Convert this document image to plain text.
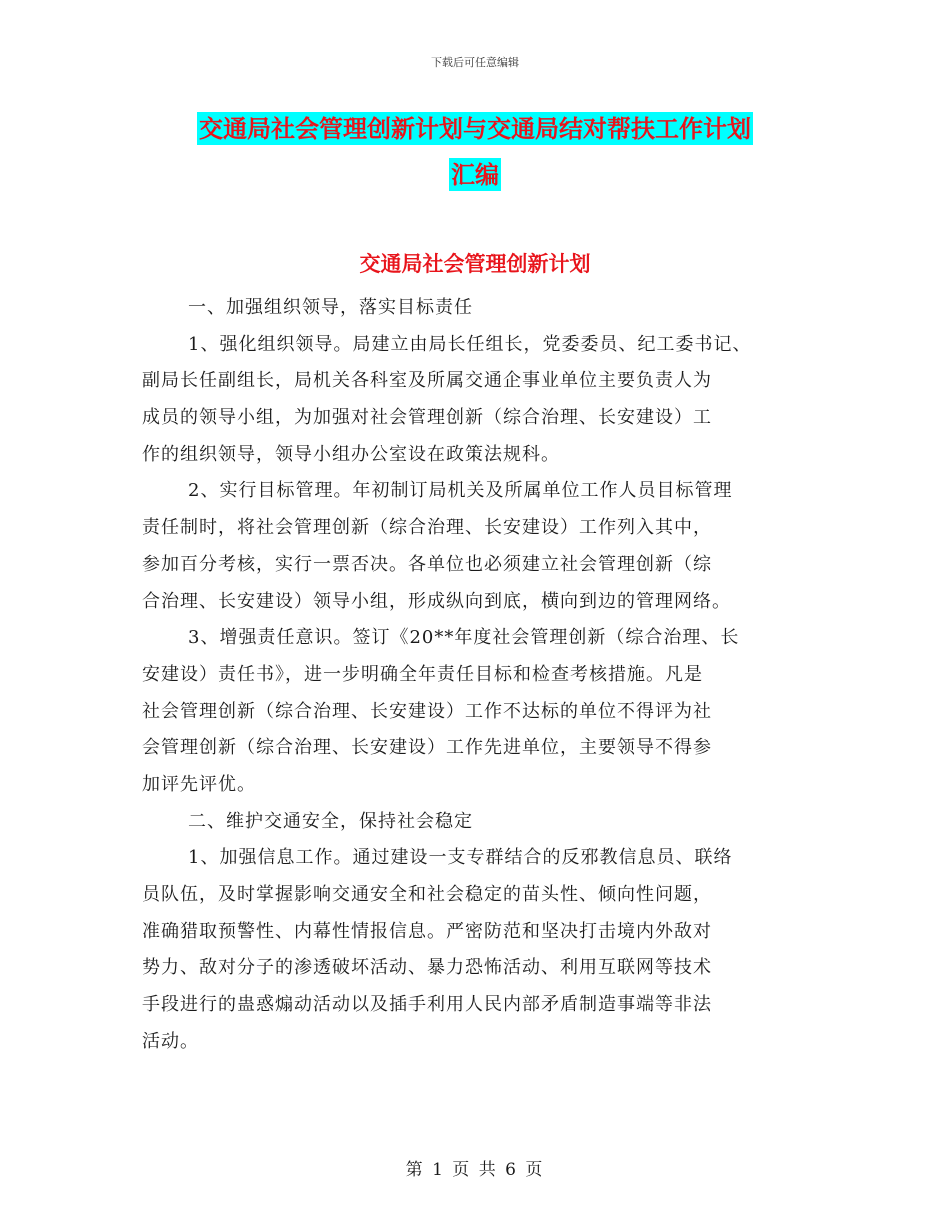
下载后可任意编辑
交通局社会管理创新计划与交通局结对帮扶工作计划
汇编
交通局社会管理创新计划
一、加强组织领导，落实目标责任
1、强化组织领导。局建立由局长任组长，党委委员、纪工委书记、
副局长任副组长，局机关各科室及所属交通企事业单位主要负责人为
成员的领导小组，为加强对社会管理创新（综合治理、长安建设）工
作的组织领导，领导小组办公室设在政策法规科。
2、实行目标管理。年初制订局机关及所属单位工作人员目标管理
责任制时，将社会管理创新（综合治理、长安建设）工作列入其中，
参加百分考核，实行一票否决。各单位也必须建立社会管理创新（综
合治理、长安建设）领导小组，形成纵向到底，横向到边的管理网络。
3、增强责任意识。签订《20**年度社会管理创新（综合治理、长
安建设）责任书》，进一步明确全年责任目标和检查考核措施。凡是
社会管理创新（综合治理、长安建设）工作不达标的单位不得评为社
会管理创新（综合治理、长安建设）工作先进单位，主要领导不得参
加评先评优。
二、维护交通安全，保持社会稳定
1、加强信息工作。通过建设一支专群结合的反邪教信息员、联络
员队伍，及时掌握影响交通安全和社会稳定的苗头性、倾向性问题，
准确猎取预警性、内幕性情报信息。严密防范和坚决打击境内外敌对
势力、敌对分子的渗透破坏活动、暴力恐怖活动、利用互联网等技术
手段进行的蛊惑煽动活动以及插手利用人民内部矛盾制造事端等非法
活动。
第 1 页 共 6 页
